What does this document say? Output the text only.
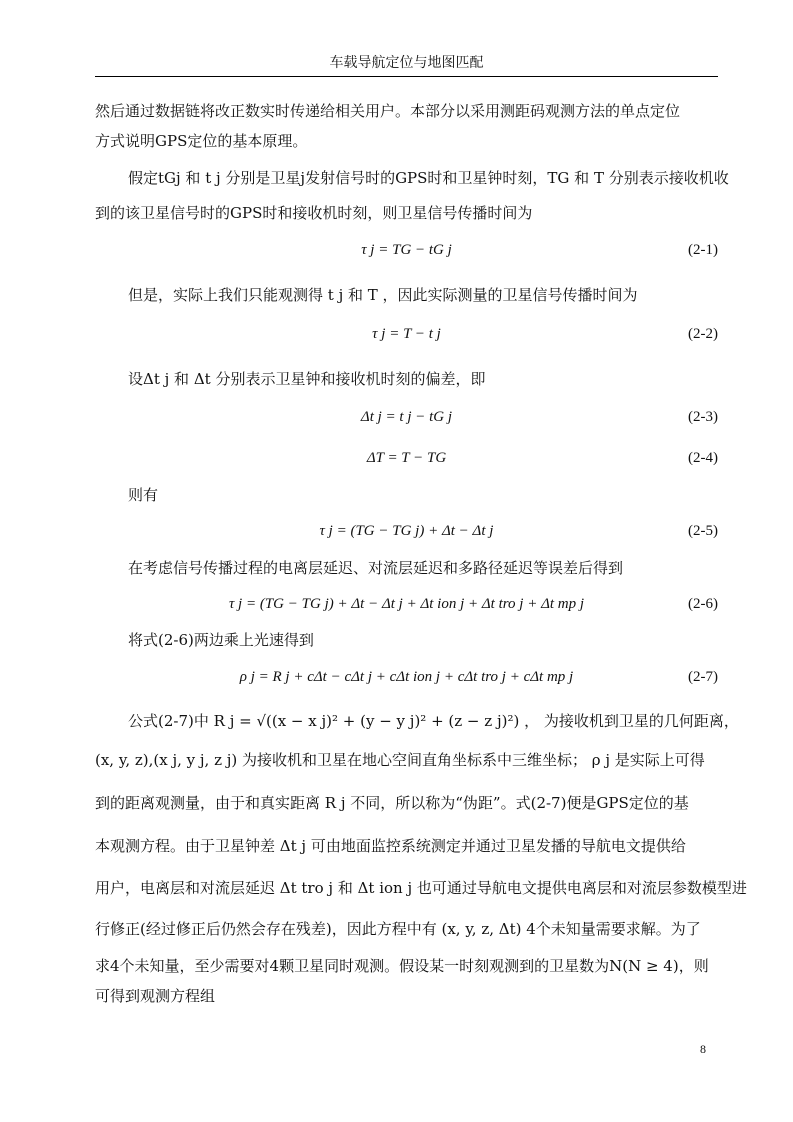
车载导航定位与地图匹配
然后通过数据链将改正数实时传递给相关用户。本部分以采用测距码观测方法的单点定位
方式说明GPS定位的基本原理。
假定tGj 和 t j 分别是卫星j发射信号时的GPS时和卫星钟时刻，TG 和 T 分别表示接收机收
到的该卫星信号时的GPS时和接收机时刻，则卫星信号传播时间为
τ j = TG − tG j	(2-1)
但是，实际上我们只能观测得 t j 和 T ，因此实际测量的卫星信号传播时间为
τ j = T − t j	(2-2)
设Δt j 和 Δt 分别表示卫星钟和接收机时刻的偏差，即
Δt j = t j − tG j	(2-3)
ΔT = T − TG	(2-4)
则有
τ j = (TG − TG j) + Δt − Δt j	(2-5)
在考虑信号传播过程的电离层延迟、对流层延迟和多路径延迟等误差后得到
τ j = (TG − TG j) + Δt − Δt j + Δt ion j + Δt tro j + Δt mp j	(2-6)
将式(2-6)两边乘上光速得到
ρ j = R j + cΔt − cΔt j + cΔt ion j + cΔt tro j + cΔt mp j	(2-7)
公式(2-7)中 R j = √((x − x j)² + (y − y j)² + (z − z j)²) ， 为接收机到卫星的几何距离，
(x, y, z),(x j, y j, z j) 为接收机和卫星在地心空间直角坐标系中三维坐标； ρ j 是实际上可得
到的距离观测量，由于和真实距离 R j 不同，所以称为“伪距”。式(2-7)便是GPS定位的基
本观测方程。由于卫星钟差 Δt j 可由地面监控系统测定并通过卫星发播的导航电文提供给
用户，电离层和对流层延迟 Δt tro j 和 Δt ion j 也可通过导航电文提供电离层和对流层参数模型进
行修正(经过修正后仍然会存在残差)，因此方程中有 (x, y, z, Δt) 4个未知量需要求解。为了
求4个未知量，至少需要对4颗卫星同时观测。假设某一时刻观测到的卫星数为N(N ≥ 4)，则
可得到观测方程组
8
